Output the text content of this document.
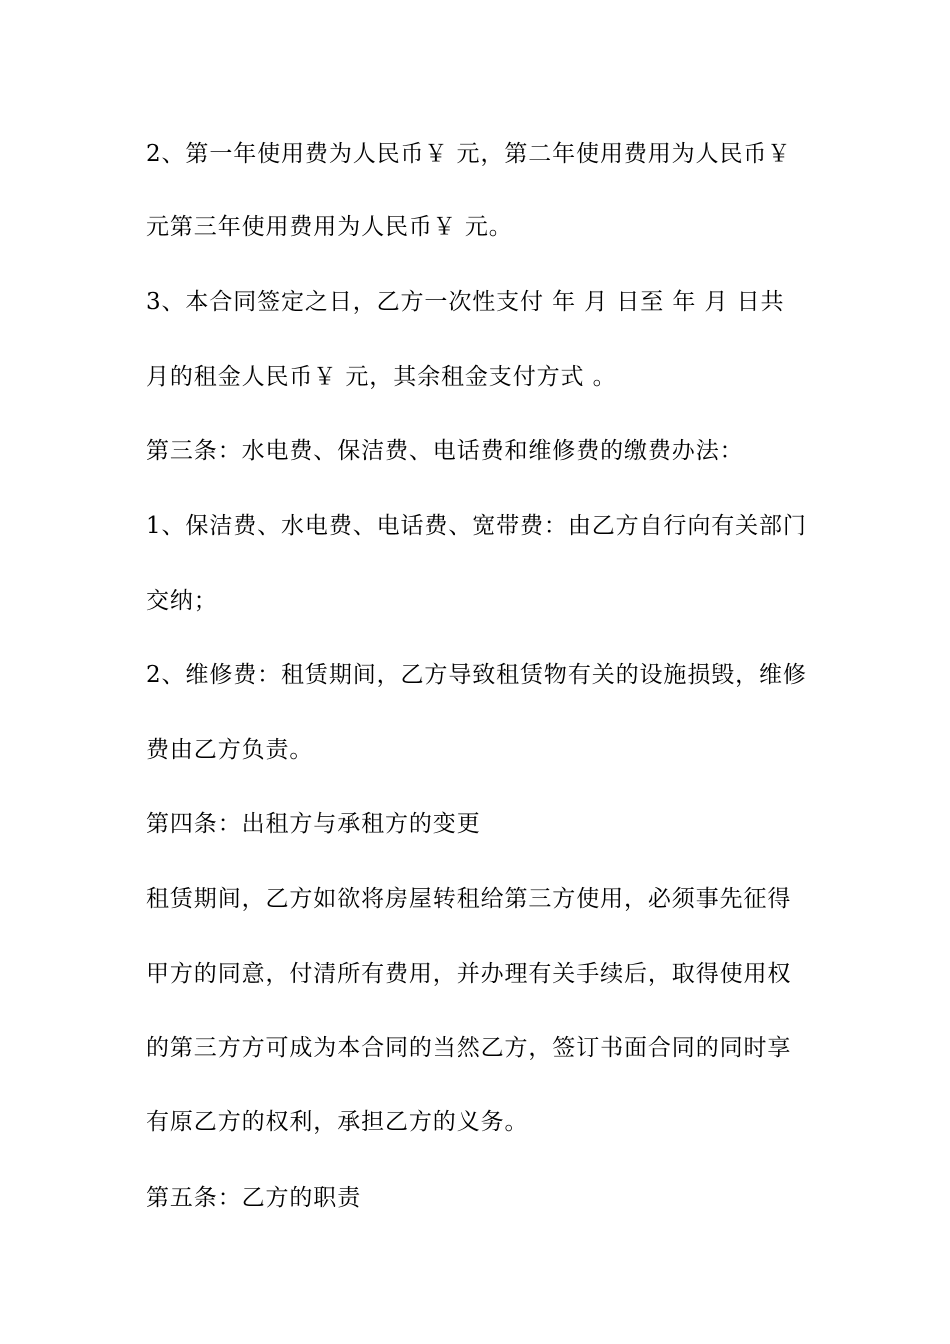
2、第一年使用费为人民币￥ 元，第二年使用费用为人民币￥
元第三年使用费用为人民币￥ 元。
3、本合同签定之日，乙方一次性支付 年 月 日至 年 月 日共
月的租金人民币￥ 元，其余租金支付方式 。
第三条：水电费、保洁费、电话费和维修费的缴费办法：
1、保洁费、水电费、电话费、宽带费：由乙方自行向有关部门
交纳；
2、维修费：租赁期间，乙方导致租赁物有关的设施损毁，维修
费由乙方负责。
第四条：出租方与承租方的变更
租赁期间，乙方如欲将房屋转租给第三方使用，必须事先征得
甲方的同意，付清所有费用，并办理有关手续后，取得使用权
的第三方方可成为本合同的当然乙方，签订书面合同的同时享
有原乙方的权利，承担乙方的义务。
第五条：乙方的职责
